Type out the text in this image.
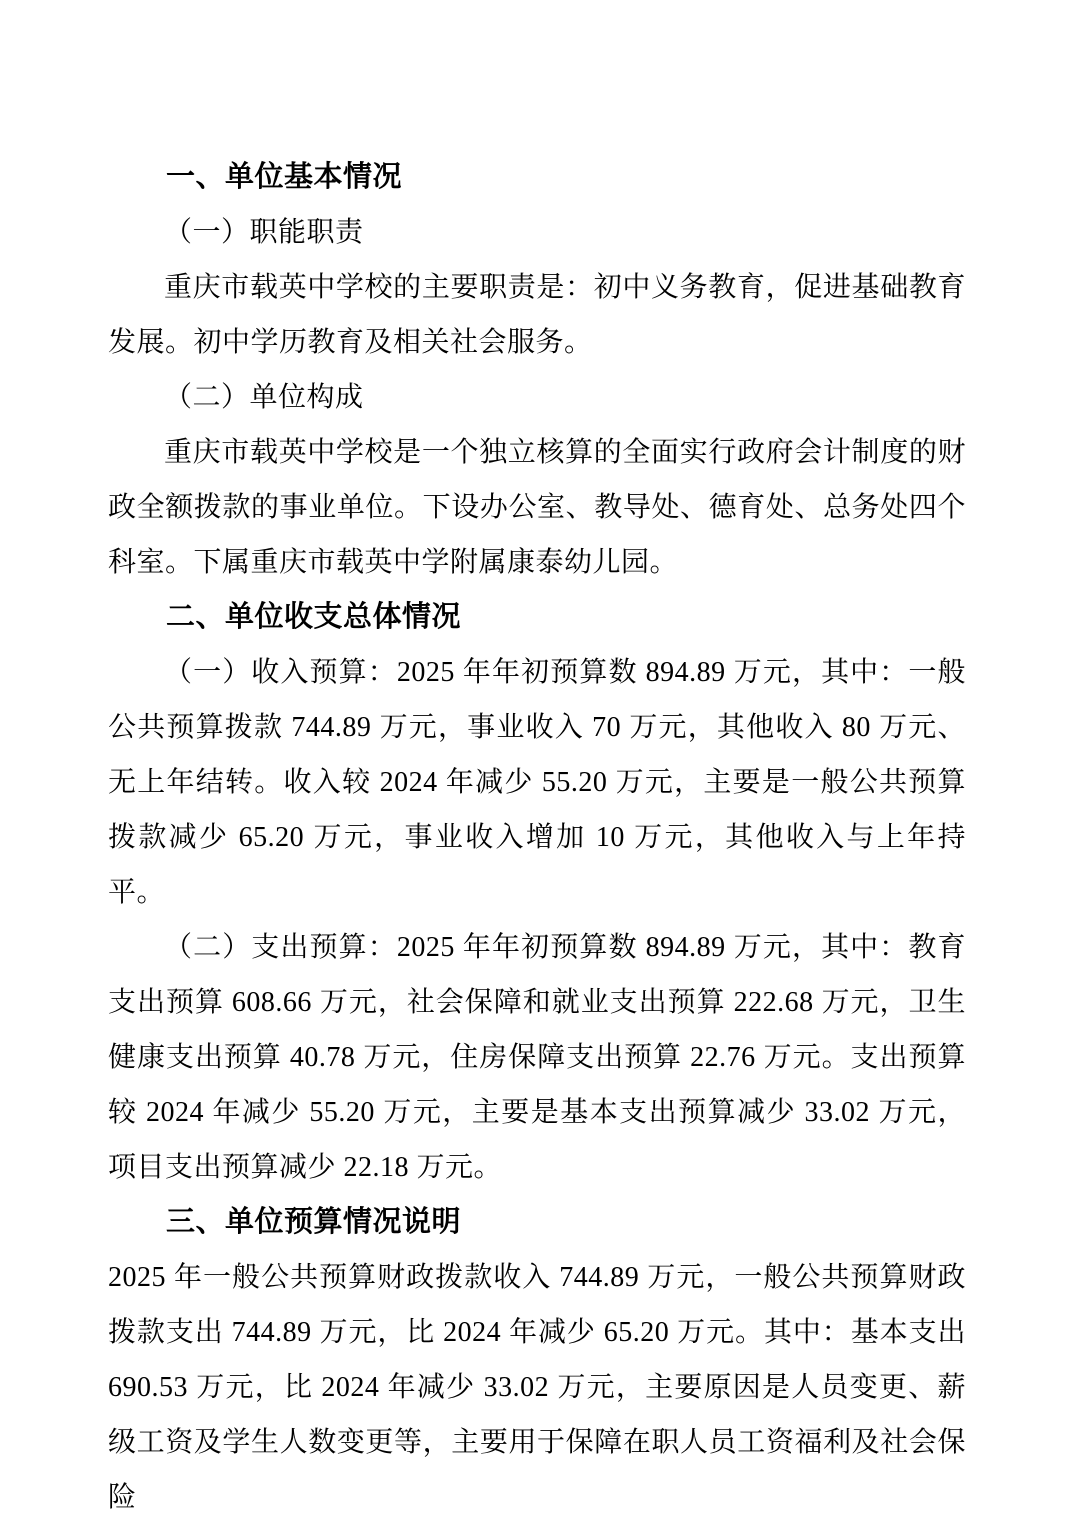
一、单位基本情况

（一）职能职责

重庆市载英中学校的主要职责是：初中义务教育，促进基础教育发展。初中学历教育及相关社会服务。

（二）单位构成

重庆市载英中学校是一个独立核算的全面实行政府会计制度的财政全额拨款的事业单位。下设办公室、教导处、德育处、总务处四个科室。下属重庆市载英中学附属康泰幼儿园。

二、单位收支总体情况

（一）收入预算：2025 年年初预算数 894.89 万元，其中：一般公共预算拨款 744.89 万元，事业收入 70 万元，其他收入 80 万元、无上年结转。收入较 2024 年减少 55.20 万元，主要是一般公共预算拨款减少 65.20 万元，事业收入增加 10 万元，其他收入与上年持平。

（二）支出预算：2025 年年初预算数 894.89 万元，其中：教育支出预算 608.66 万元，社会保障和就业支出预算 222.68 万元，卫生健康支出预算 40.78 万元，住房保障支出预算 22.76 万元。支出预算较 2024 年减少 55.20 万元，主要是基本支出预算减少 33.02 万元，项目支出预算减少 22.18 万元。

三、单位预算情况说明

2025 年一般公共预算财政拨款收入 744.89 万元，一般公共预算财政拨款支出 744.89 万元，比 2024 年减少 65.20 万元。其中：基本支出 690.53 万元，比 2024 年减少 33.02 万元，主要原因是人员变更、薪级工资及学生人数变更等，主要用于保障在职人员工资福利及社会保险
